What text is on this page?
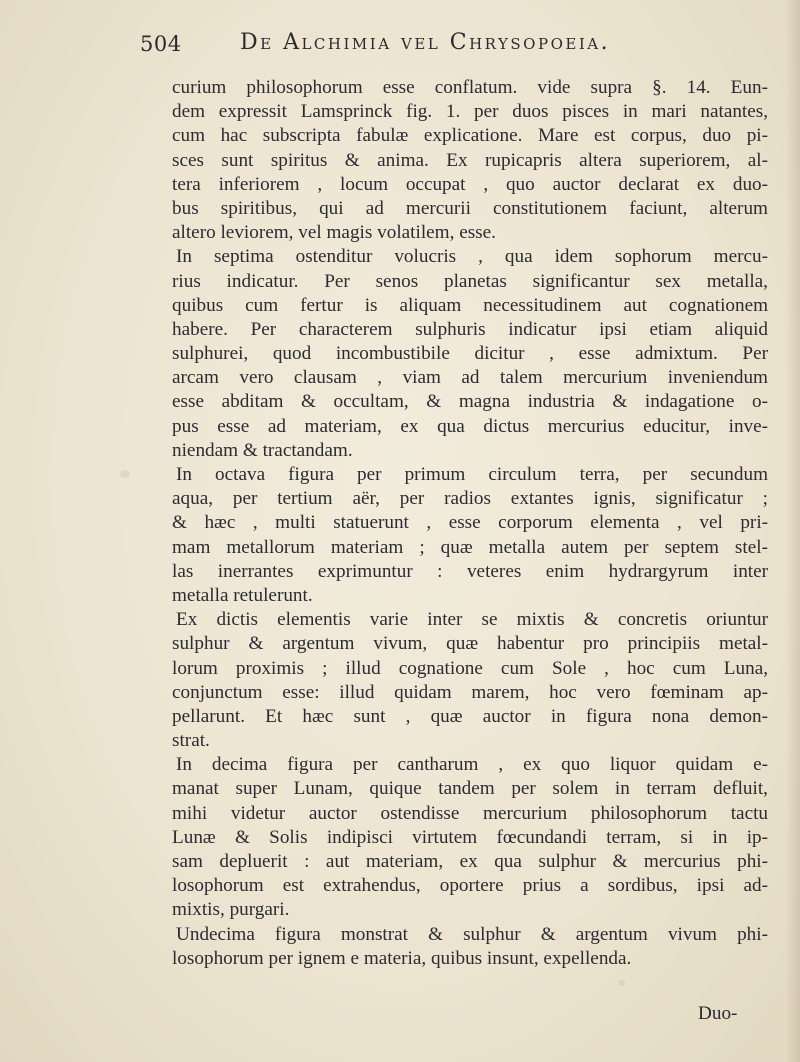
504	De Alchimia vel Chrysopoeia.
curium philosophorum esse conflatum. vide supra §. 14. Eun-
dem expressit Lamsprinck fig. 1. per duos pisces in mari natantes,
cum hac subscripta fabulæ explicatione. Mare est corpus, duo pi-
sces sunt spiritus & anima. Ex rupicapris altera superiorem, al-
tera inferiorem , locum occupat , quo auctor declarat ex duo-
bus spiritibus, qui ad mercurii constitutionem faciunt, alterum
altero leviorem, vel magis volatilem, esse.
In septima ostenditur volucris , qua idem sophorum mercu-
rius indicatur. Per senos planetas significantur sex metalla,
quibus cum fertur is aliquam necessitudinem aut cognationem
habere. Per characterem sulphuris indicatur ipsi etiam aliquid
sulphurei, quod incombustibile dicitur , esse admixtum. Per
arcam vero clausam , viam ad talem mercurium inveniendum
esse abditam & occultam, & magna industria & indagatione o-
pus esse ad materiam, ex qua dictus mercurius educitur, inve-
niendam & tractandam.
In octava figura per primum circulum terra, per secundum
aqua, per tertium aër, per radios extantes ignis, significatur ;
& hæc , multi statuerunt , esse corporum elementa , vel pri-
mam metallorum materiam ; quæ metalla autem per septem stel-
las inerrantes exprimuntur : veteres enim hydrargyrum inter
metalla retulerunt.
Ex dictis elementis varie inter se mixtis & concretis oriuntur
sulphur & argentum vivum, quæ habentur pro principiis metal-
lorum proximis ; illud cognatione cum Sole , hoc cum Luna,
conjunctum esse: illud quidam marem, hoc vero fœminam ap-
pellarunt. Et hæc sunt , quæ auctor in figura nona demon-
strat.
In decima figura per cantharum , ex quo liquor quidam e-
manat super Lunam, quique tandem per solem in terram defluit,
mihi videtur auctor ostendisse mercurium philosophorum tactu
Lunæ & Solis indipisci virtutem fœcundandi terram, si in ip-
sam depluerit : aut materiam, ex qua sulphur & mercurius phi-
losophorum est extrahendus, oportere prius a sordibus, ipsi ad-
mixtis, purgari.
Undecima figura monstrat & sulphur & argentum vivum phi-
losophorum per ignem e materia, quibus insunt, expellenda.
Duo-
